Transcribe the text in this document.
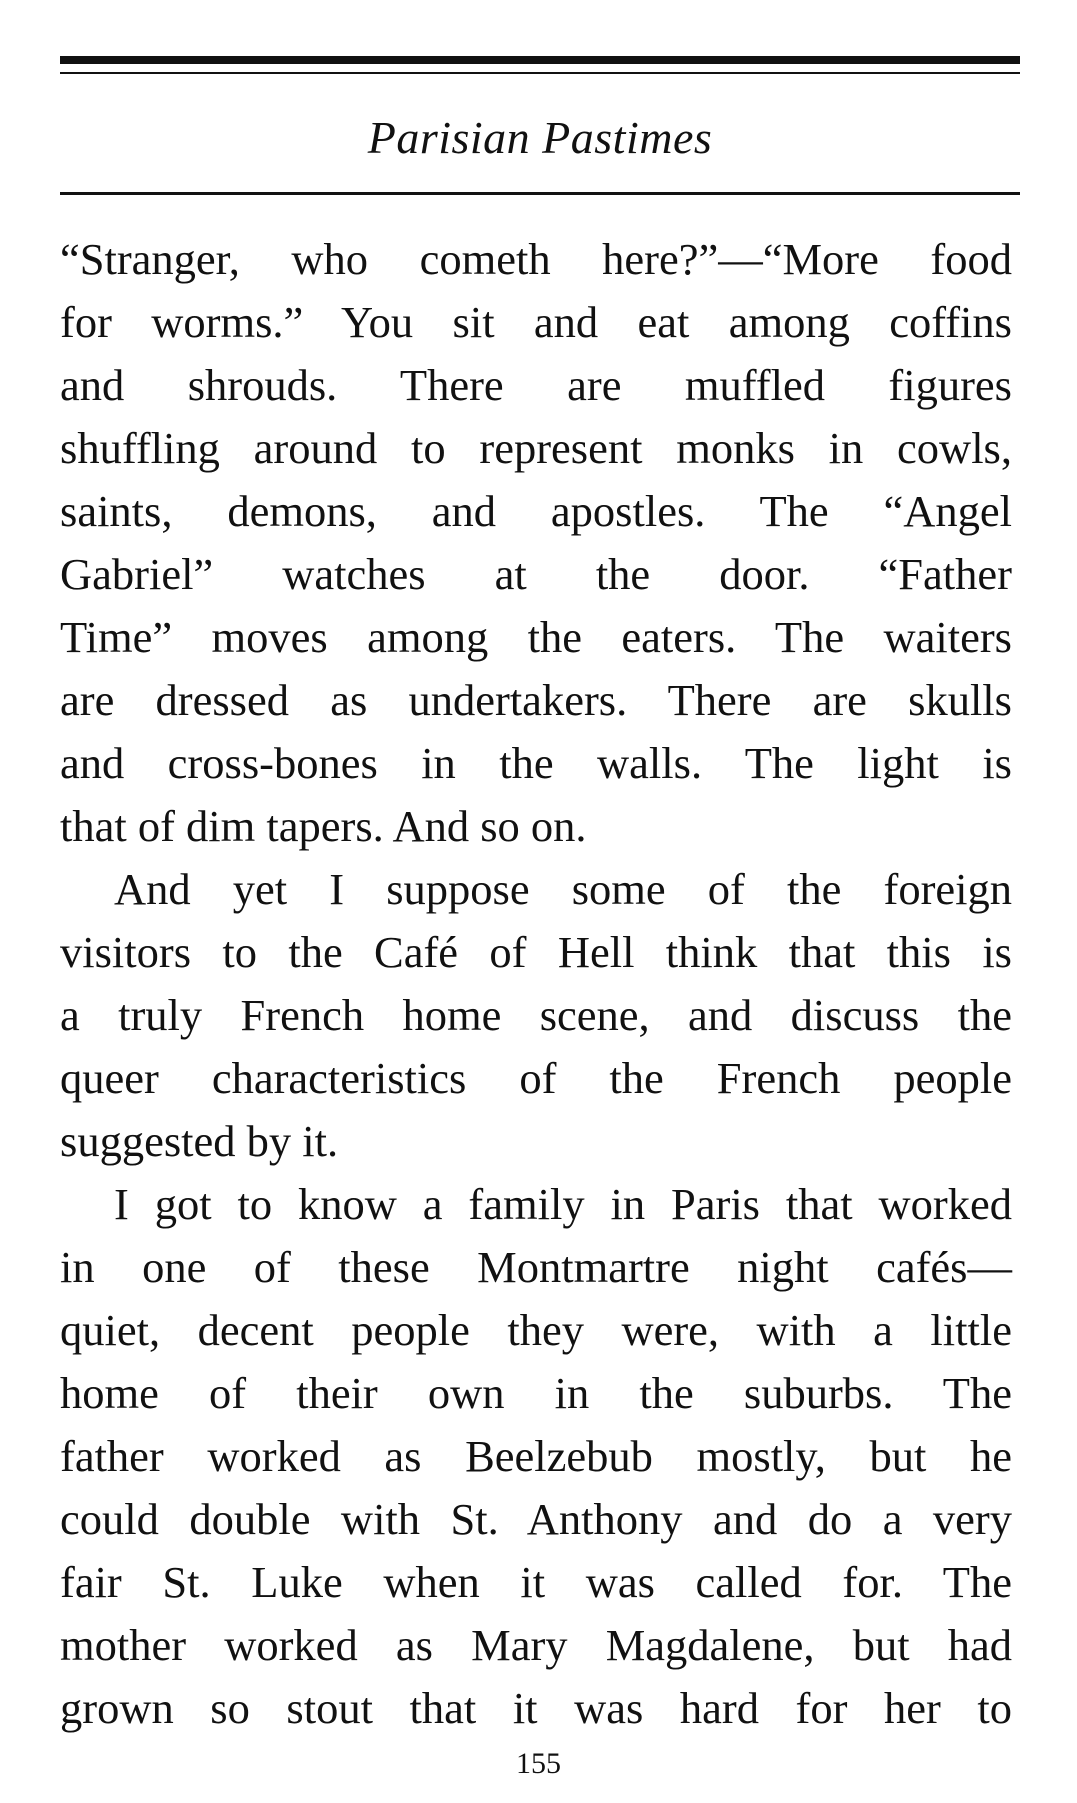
Parisian Pastimes
“Stranger, who cometh here?”—“More food
for worms.” You sit and eat among coffins
and shrouds. There are muffled figures
shuffling around to represent monks in cowls,
saints, demons, and apostles. The “Angel
Gabriel” watches at the door. “Father
Time” moves among the eaters. The waiters
are dressed as undertakers. There are skulls
and cross-bones in the walls. The light is
that of dim tapers. And so on.
And yet I suppose some of the foreign
visitors to the Café of Hell think that this is
a truly French home scene, and discuss the
queer characteristics of the French people
suggested by it.
I got to know a family in Paris that worked
in one of these Montmartre night cafés—
quiet, decent people they were, with a little
home of their own in the suburbs. The
father worked as Beelzebub mostly, but he
could double with St. Anthony and do a very
fair St. Luke when it was called for. The
mother worked as Mary Magdalene, but had
grown so stout that it was hard for her to
155
